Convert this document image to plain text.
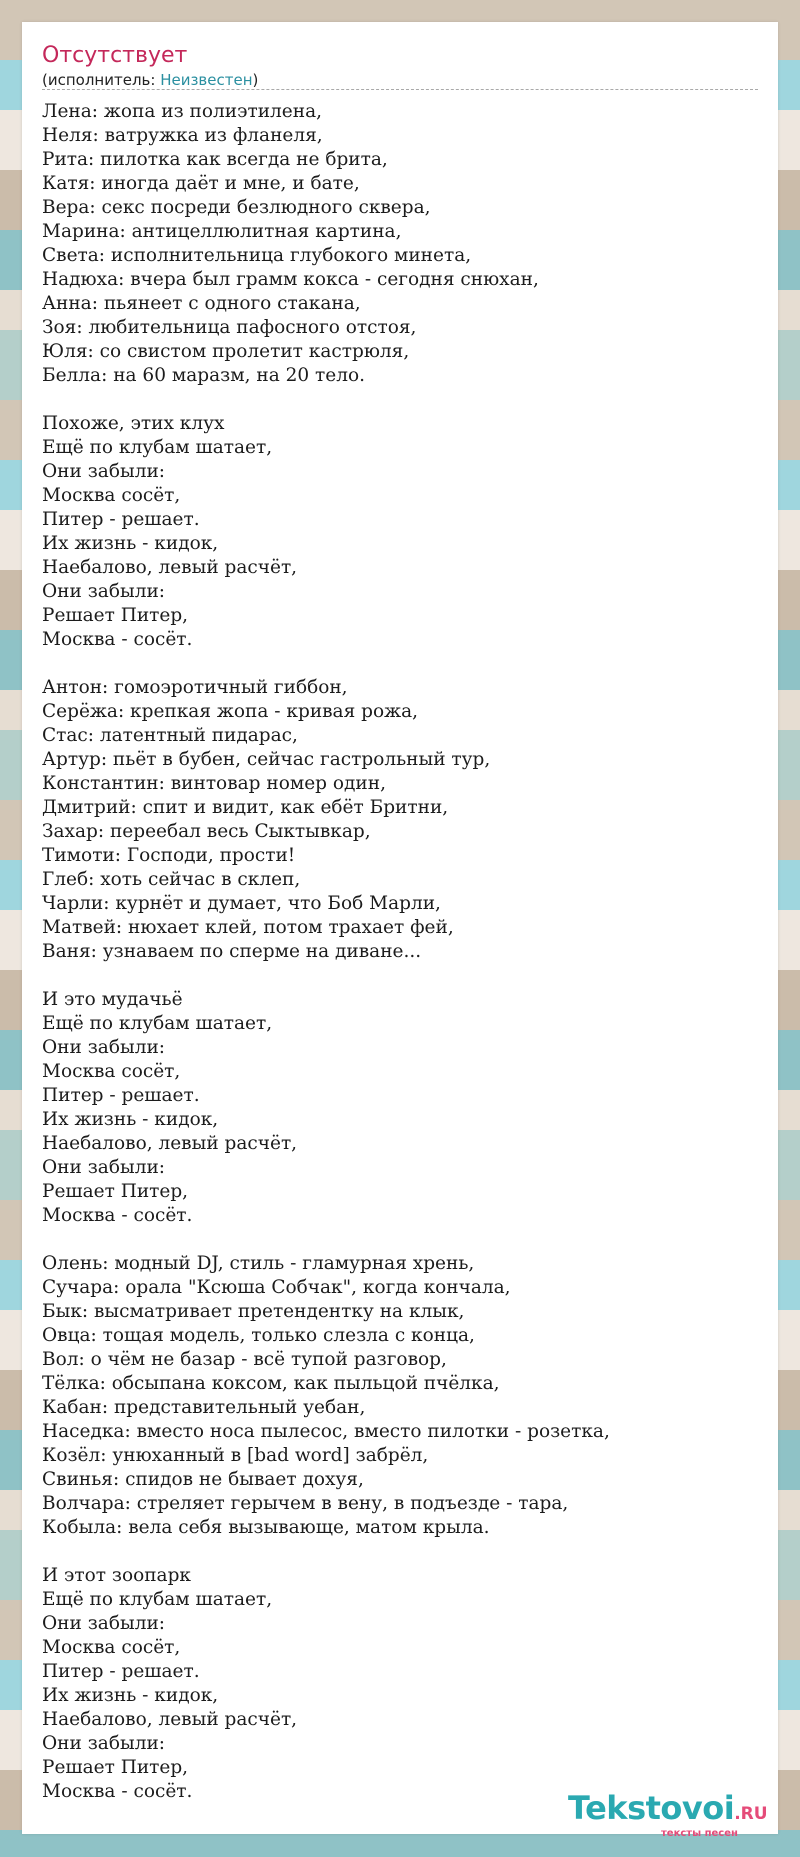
Отсутствует
(исполнитель: Неизвестен)
Лена: жопа из полиэтилена,
Неля: ватружка из фланеля,
Рита: пилотка как всегда не брита,
Катя: иногда даёт и мне, и бате,
Вера: секс посреди безлюдного сквера,
Марина: антицеллюлитная картина,
Света: исполнительница глубокого минета,
Надюха: вчера был грамм кокса - сегодня снюхан,
Анна: пьянеет с одного стакана,
Зоя: любительница пафосного отстоя,
Юля: со свистом пролетит кастрюля,
Белла: на 60 маразм, на 20 тело.

Похоже, этих клух
Ещё по клубам шатает,
Они забыли:
Москва сосёт,
Питер - решает.
Их жизнь - кидок,
Наебалово, левый расчёт,
Они забыли:
Решает Питер,
Москва - сосёт.

Антон: гомоэротичный гиббон,
Серёжа: крепкая жопа - кривая рожа,
Стас: латентный пидарас,
Артур: пьёт в бубен, сейчас гастрольный тур,
Константин: винтовар номер один,
Дмитрий: спит и видит, как ебёт Бритни,
Захар: переебал весь Сыктывкар,
Тимоти: Господи, прости!
Глеб: хоть сейчас в склеп,
Чарли: курнёт и думает, что Боб Марли,
Матвей: нюхает клей, потом трахает фей,
Ваня: узнаваем по сперме на диване...

И это мудачьё
Ещё по клубам шатает,
Они забыли:
Москва сосёт,
Питер - решает.
Их жизнь - кидок,
Наебалово, левый расчёт,
Они забыли:
Решает Питер,
Москва - сосёт.

Олень: модный DJ, стиль - гламурная хрень,
Сучара: орала "Ксюша Собчак", когда кончала,
Бык: высматривает претендентку на клык,
Овца: тощая модель, только слезла с конца,
Вол: о чём не базар - всё тупой разговор,
Тёлка: обсыпана коксом, как пыльцой пчёлка,
Кабан: представительный уебан,
Наседка: вместо носа пылесос, вместо пилотки - розетка,
Козёл: унюханный в [bad word] забрёл,
Свинья: спидов не бывает дохуя,
Волчара: стреляет герычем в вену, в подъезде - тара,
Кобыла: вела себя вызывающе, матом крыла.

И этот зоопарк
Ещё по клубам шатает,
Они забыли:
Москва сосёт,
Питер - решает.
Их жизнь - кидок,
Наебалово, левый расчёт,
Они забыли:
Решает Питер,
Москва - сосёт.	Tekstovoi.RU
тексты песен
